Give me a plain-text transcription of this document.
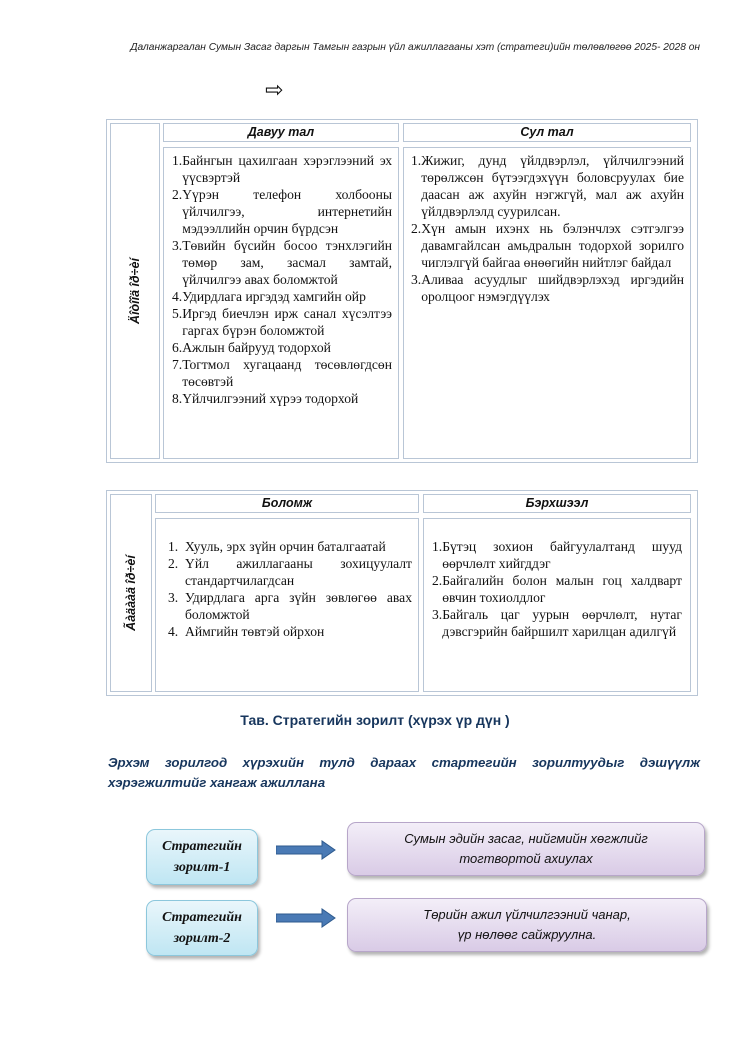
Даланжаргалан Сумын Засаг даргын Тамгын газрын үйл ажиллагааны хэт (стратеги)ийн төлөвлөгөө 2025- 2028 он
⇨
Äîòîîä îð÷èí
Давуу тал	Сул тал
1. Байнгын цахилгаан хэрэглээний эх үүсвэртэй
2. Үүрэн телефон холбооны үйлчилгээ, интернетийн мэдээллийн орчин бүрдсэн
3. Төвийн бүсийн босоо тэнхлэгийн төмөр зам, засмал замтай, үйлчилгээ авах боломжтой
4. Удирдлага иргэдэд хамгийн ойр
5. Иргэд биечлэн ирж санал хүсэлтээ гаргах бүрэн боломжтой
6. Ажлын байрууд тодорхой
7. Тогтмол хугацаанд төсөвлөгдсөн төсөвтэй
8. Үйлчилгээний хүрээ тодорхой
1. Жижиг, дунд үйлдвэрлэл, үйлчилгээний төрөлжсөн бүтээгдэхүүн боловсруулах бие даасан аж ахуйн нэгжгүй, мал аж ахуйн үйлдвэрлэлд суурилсан.
2. Хүн амын ихэнх нь бэлэнчлэх сэтгэлгээ давамгайлсан амьдралын тодорхой зорилго чиглэлгүй байгаа өнөөгийн нийтлэг байдал
3. Аливаа асуудлыг шийдвэрлэхэд иргэдийн оролцоог нэмэгдүүлэх
Ãàäààä îð÷èí
Боломж	Бэрхшээл
1. Хууль, эрх зүйн орчин баталгаатай
2. Үйл ажиллагааны зохицуулалт стандартчилагдсан
3. Удирдлага арга зүйн зөвлөгөө авах боломжтой
4. Аймгийн төвтэй ойрхон
1. Бүтэц зохион байгуулалтанд шууд өөрчлөлт хийгддэг
2. Байгалийн болон малын гоц халдварт өвчин тохиолдлог
3. Байгаль цаг уурын өөрчлөлт, нутаг дэвсгэрийн байршилт харилцан адилгүй
Тав. Стратегийн зорилт (хүрэх үр дүн )
Эрхэм зорилгод хүрэхийн тулд дараах стартегийн зорилтуудыг дэшүүлж хэрэгжилтийг хангаж ажиллана
Стратегийн
зорилт-1
Сумын эдийн засаг, нийгмийн хөгжлийг
тогтвортой ахиулах
Стратегийн
зорилт-2
Төрийн ажил үйлчилгээний чанар,
үр нөлөөг сайжруулна.
